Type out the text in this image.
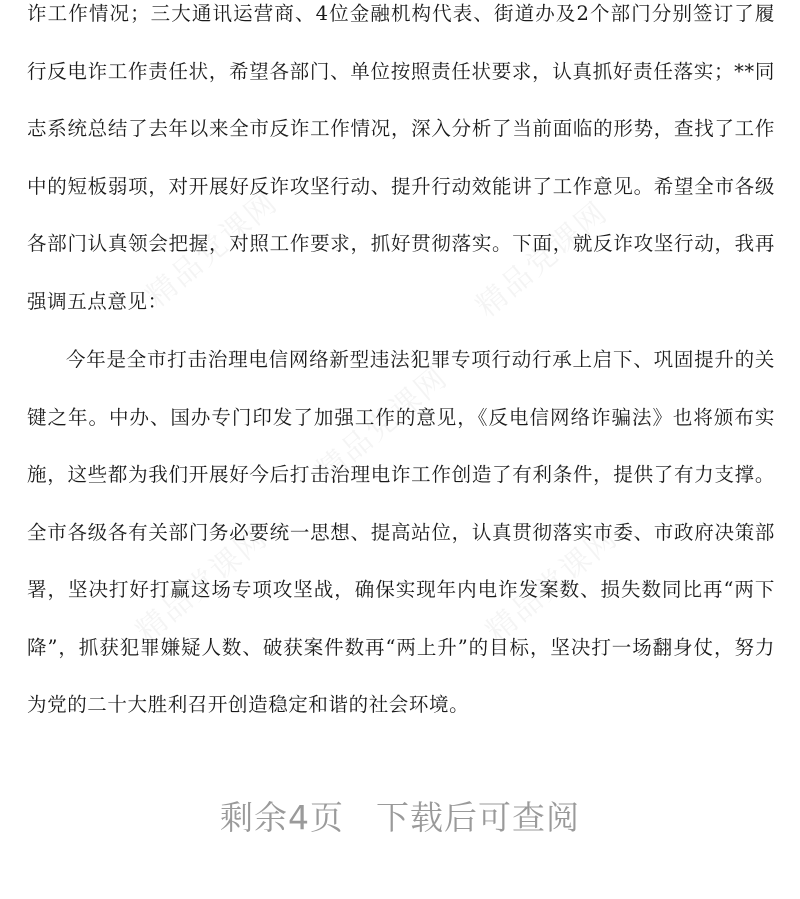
精品党课网	精品党课网
精品党课网
精品党课网	精品党课网

诈工作情况；三大通讯运营商、4位金融机构代表、街道办及2个部门分别签订了履行反电诈工作责任状，希望各部门、单位按照责任状要求，认真抓好责任落实；**同志系统总结了去年以来全市反诈工作情况，深入分析了当前面临的形势，查找了工作中的短板弱项，对开展好反诈攻坚行动、提升行动效能讲了工作意见。希望全市各级各部门认真领会把握，对照工作要求，抓好贯彻落实。下面，就反诈攻坚行动，我再强调五点意见：

今年是全市打击治理电信网络新型违法犯罪专项行动行承上启下、巩固提升的关键之年。中办、国办专门印发了加强工作的意见，《反电信网络诈骗法》也将颁布实施，这些都为我们开展好今后打击治理电诈工作创造了有利条件，提供了有力支撑。全市各级各有关部门务必要统一思想、提高站位，认真贯彻落实市委、市政府决策部署，坚决打好打赢这场专项攻坚战，确保实现年内电诈发案数、损失数同比再“两下降”，抓获犯罪嫌疑人数、破获案件数再“两上升”的目标，坚决打一场翻身仗，努力为党的二十大胜利召开创造稳定和谐的社会环境。

剩余4页 下载后可查阅
